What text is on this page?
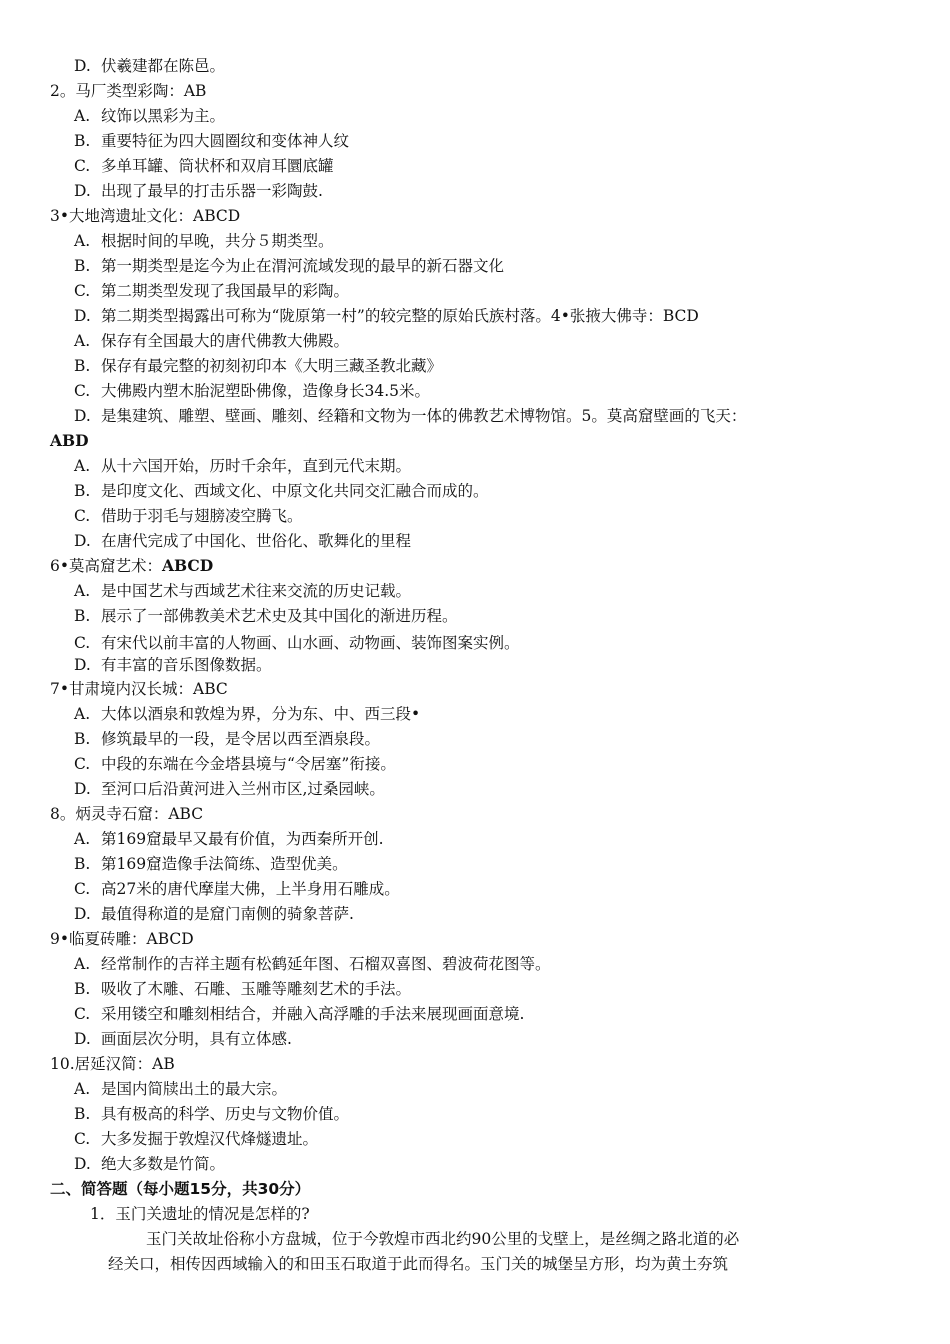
D. 伏羲建都在陈邑。
2。马厂类型彩陶：AB
A. 纹饰以黑彩为主。
B. 重要特征为四大圆圈纹和变体神人纹
C. 多单耳罐、筒状杯和双肩耳圜底罐
D. 出现了最早的打击乐器一彩陶鼓.
3•大地湾遗址文化：ABCD
A. 根据时间的早晚，共分５期类型。
B. 第一期类型是迄今为止在渭河流域发现的最早的新石器文化
C. 第二期类型发现了我国最早的彩陶。
D. 第二期类型揭露出可称为“陇原第一村”的较完整的原始氏族村落。4•张掖大佛寺：BCD
A. 保存有全国最大的唐代佛教大佛殿。
B. 保存有最完整的初刻初印本《大明三藏圣教北藏》
C. 大佛殿内塑木胎泥塑卧佛像，造像身长34.5米。
D. 是集建筑、雕塑、壁画、雕刻、经籍和文物为一体的佛教艺术博物馆。5。莫高窟壁画的飞天：
ABD
A. 从十六国开始，历时千余年，直到元代末期。
B. 是印度文化、西域文化、中原文化共同交汇融合而成的。
C. 借助于羽毛与翅膀凌空腾飞。
D. 在唐代完成了中国化、世俗化、歌舞化的里程
6•莫高窟艺术：ABCD
A. 是中国艺术与西域艺术往来交流的历史记载。
B. 展示了一部佛教美术艺术史及其中国化的渐进历程。
C. 有宋代以前丰富的人物画、山水画、动物画、装饰图案实例。
D. 有丰富的音乐图像数据。
7•甘肃境内汉长城：ABC
A. 大体以酒泉和敦煌为界，分为东、中、西三段•
B. 修筑最早的一段，是令居以西至酒泉段。
C. 中段的东端在今金塔县境与“令居塞”衔接。
D. 至河口后沿黄河进入兰州市区,过桑园峡。
8。炳灵寺石窟：ABC
A. 第169窟最早又最有价值，为西秦所开创.
B. 第169窟造像手法简练、造型优美。
C. 高27米的唐代摩崖大佛，上半身用石雕成。
D. 最值得称道的是窟门南侧的骑象菩萨.
9•临夏砖雕：ABCD
A. 经常制作的吉祥主题有松鹤延年图、石榴双喜图、碧波荷花图等。
B. 吸收了木雕、石雕、玉雕等雕刻艺术的手法。
C. 采用镂空和雕刻相结合，并融入高浮雕的手法来展现画面意境.
D. 画面层次分明，具有立体感.
10.居延汉简：AB
A. 是国内简牍出土的最大宗。
B. 具有极高的科学、历史与文物价值。
C. 大多发掘于敦煌汉代烽燧遗址。
D. 绝大多数是竹简。
二、简答题（每小题15分，共30分）
1．玉门关遗址的情况是怎样的?
玉门关故址俗称小方盘城，位于今敦煌市西北约90公里的戈壁上，是丝绸之路北道的必
经关口，相传因西域输入的和田玉石取道于此而得名。玉门关的城堡呈方形，均为黄土夯筑
